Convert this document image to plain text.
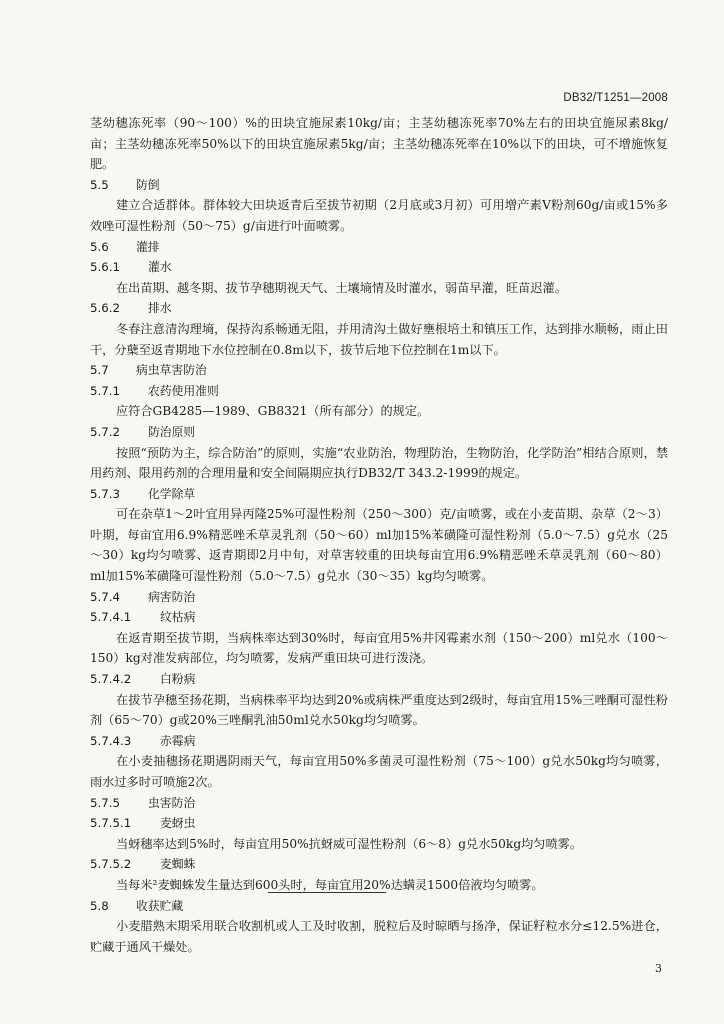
DB32/T1251—2008

茎幼穗冻死率（90～100）%的田块宜施尿素10kg/亩；主茎幼穗冻死率70%左右的田块宜施尿素8kg/亩；主茎幼穗冻死率50%以下的田块宜施尿素5kg/亩；主茎幼穗冻死率在10%以下的田块，可不增施恢复肥。

5.5 防倒

建立合适群体。群体较大田块返青后至拔节初期（2月底或3月初）可用增产素V粉剂60g/亩或15%多效唑可湿性粉剂（50～75）g/亩进行叶面喷雾。

5.6 灌排
5.6.1 灌水

在出苗期、越冬期、拔节孕穗期视天气、土壤墒情及时灌水，弱苗早灌，旺苗迟灌。

5.6.2 排水

冬春注意清沟理墒，保持沟系畅通无阻，并用清沟土做好壅根培土和镇压工作，达到排水顺畅，雨止田干，分蘖至返青期地下水位控制在0.8m以下，拔节后地下位控制在1m以下。

5.7 病虫草害防治
5.7.1 农药使用准则

应符合GB4285—1989、GB8321（所有部分）的规定。

5.7.2 防治原则

按照“预防为主，综合防治”的原则，实施“农业防治，物理防治，生物防治，化学防治”相结合原则，禁用药剂、限用药剂的合理用量和安全间隔期应执行DB32/T 343.2-1999的规定。

5.7.3 化学除草

可在杂草1～2叶宜用异丙隆25%可湿性粉剂（250～300）克/亩喷雾，或在小麦苗期、杂草（2～3）叶期，每亩宜用6.9%精恶唑禾草灵乳剂（50～60）ml加15%苯磺隆可湿性粉剂（5.0～7.5）g兑水（25～30）kg均匀喷雾、返青期即2月中旬，对草害较重的田块每亩宜用6.9%精恶唑禾草灵乳剂（60～80）ml加15%苯磺隆可湿性粉剂（5.0～7.5）g兑水（30～35）kg均匀喷雾。

5.7.4 病害防治
5.7.4.1 纹枯病

在返青期至拔节期，当病株率达到30%时，每亩宜用5%井冈霉素水剂（150～200）ml兑水（100～150）kg对准发病部位，均匀喷雾，发病严重田块可进行泼浇。

5.7.4.2 白粉病

在拔节孕穗至扬花期，当病株率平均达到20%或病株严重度达到2级时，每亩宜用15%三唑酮可湿性粉剂（65～70）g或20%三唑酮乳油50ml兑水50kg均匀喷雾。

5.7.4.3 赤霉病

在小麦抽穗扬花期遇阴雨天气，每亩宜用50%多菌灵可湿性粉剂（75～100）g兑水50kg均匀喷雾，雨水过多时可喷施2次。

5.7.5 虫害防治
5.7.5.1 麦蚜虫

当蚜穗率达到5%时，每亩宜用50%抗蚜威可湿性粉剂（6～8）g兑水50kg均匀喷雾。

5.7.5.2 麦蜘蛛

当每米²麦蜘蛛发生量达到600头时，每亩宜用20%达螨灵1500倍液均匀喷雾。

5.8 收获贮藏

小麦腊熟末期采用联合收割机或人工及时收割，脱粒后及时晾晒与扬净，保证籽粒水分≤12.5%进仓，贮藏于通风干燥处。

3
